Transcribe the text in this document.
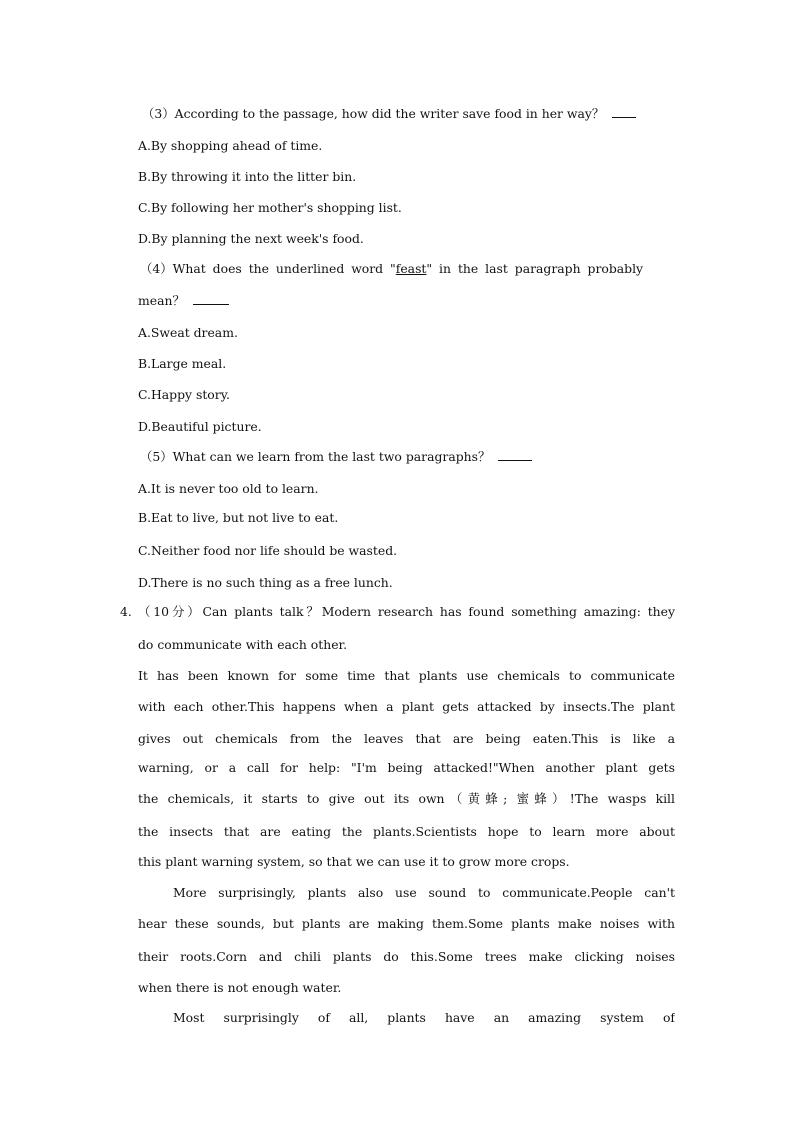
（3）According to the passage, how did the writer save food in her way？
A.By shopping ahead of time.
B.By throwing it into the litter bin.
C.By following her mother's shopping list.
D.By planning the next week's food.
（4）What does the underlined word "feast" in the last paragraph probably
mean？
A.Sweat dream.
B.Large meal.
C.Happy story.
D.Beautiful picture.
（5）What can we learn from the last two paragraphs？
A.It is never too old to learn.
B.Eat to live, but not live to eat.
C.Neither food nor life should be wasted.
D.There is no such thing as a free lunch.
4. （10分）Can plants talk？Modern research has found something amazing: they
do communicate with each other.
It has been known for some time that plants use chemicals to communicate
with each other.This happens when a plant gets attacked by insects.The plant
gives out chemicals from the leaves that are being eaten.This is like a
warning, or a call for help: "I'm being attacked!"When another plant gets
the chemicals, it starts to give out its own（黄蜂; 蜜蜂）!The wasps kill
the insects that are eating the plants.Scientists hope to learn more about
this plant warning system, so that we can use it to grow more crops.
More surprisingly, plants also use sound to communicate.People can't
hear these sounds, but plants are making them.Some plants make noises with
their roots.Corn and chili plants do this.Some trees make clicking noises
when there is not enough water.
Most surprisingly of all, plants have an amazing system of
